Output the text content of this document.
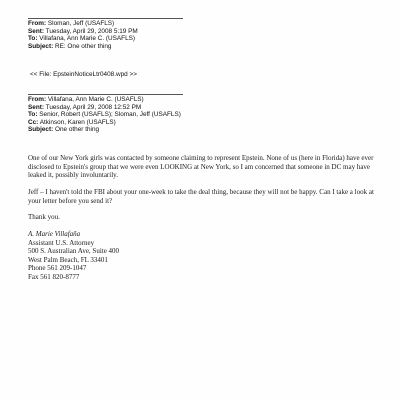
From: Sloman, Jeff (USAFLS)
Sent: Tuesday, April 29, 2008 5:19 PM
To: Villafana, Ann Marie C. (USAFLS)
Subject: RE: One other thing
<< File: EpsteinNoticeLtr0408.wpd >>
From: Villafana, Ann Marie C. (USAFLS)
Sent: Tuesday, April 29, 2008 12:52 PM
To: Senior, Robert (USAFLS); Sloman, Jeff (USAFLS)
Cc: Atkinson, Karen (USAFLS)
Subject: One other thing

One of our New York girls was contacted by someone claiming to represent Epstein. None of us (here in Florida) have ever disclosed to Epstein's group that we were even LOOKING at New York, so I am concerned that someone in DC may have leaked it, possibly involuntarily.

Jeff – I haven't told the FBI about your one-week to take the deal thing, because they will not be happy. Can I take a look at your letter before you send it?

Thank you.

A. Marie Villafaña
Assistant U.S. Attorney
500 S. Australian Ave, Suite 400
West Palm Beach, FL 33401
Phone 561 209-1047
Fax 561 820-8777
